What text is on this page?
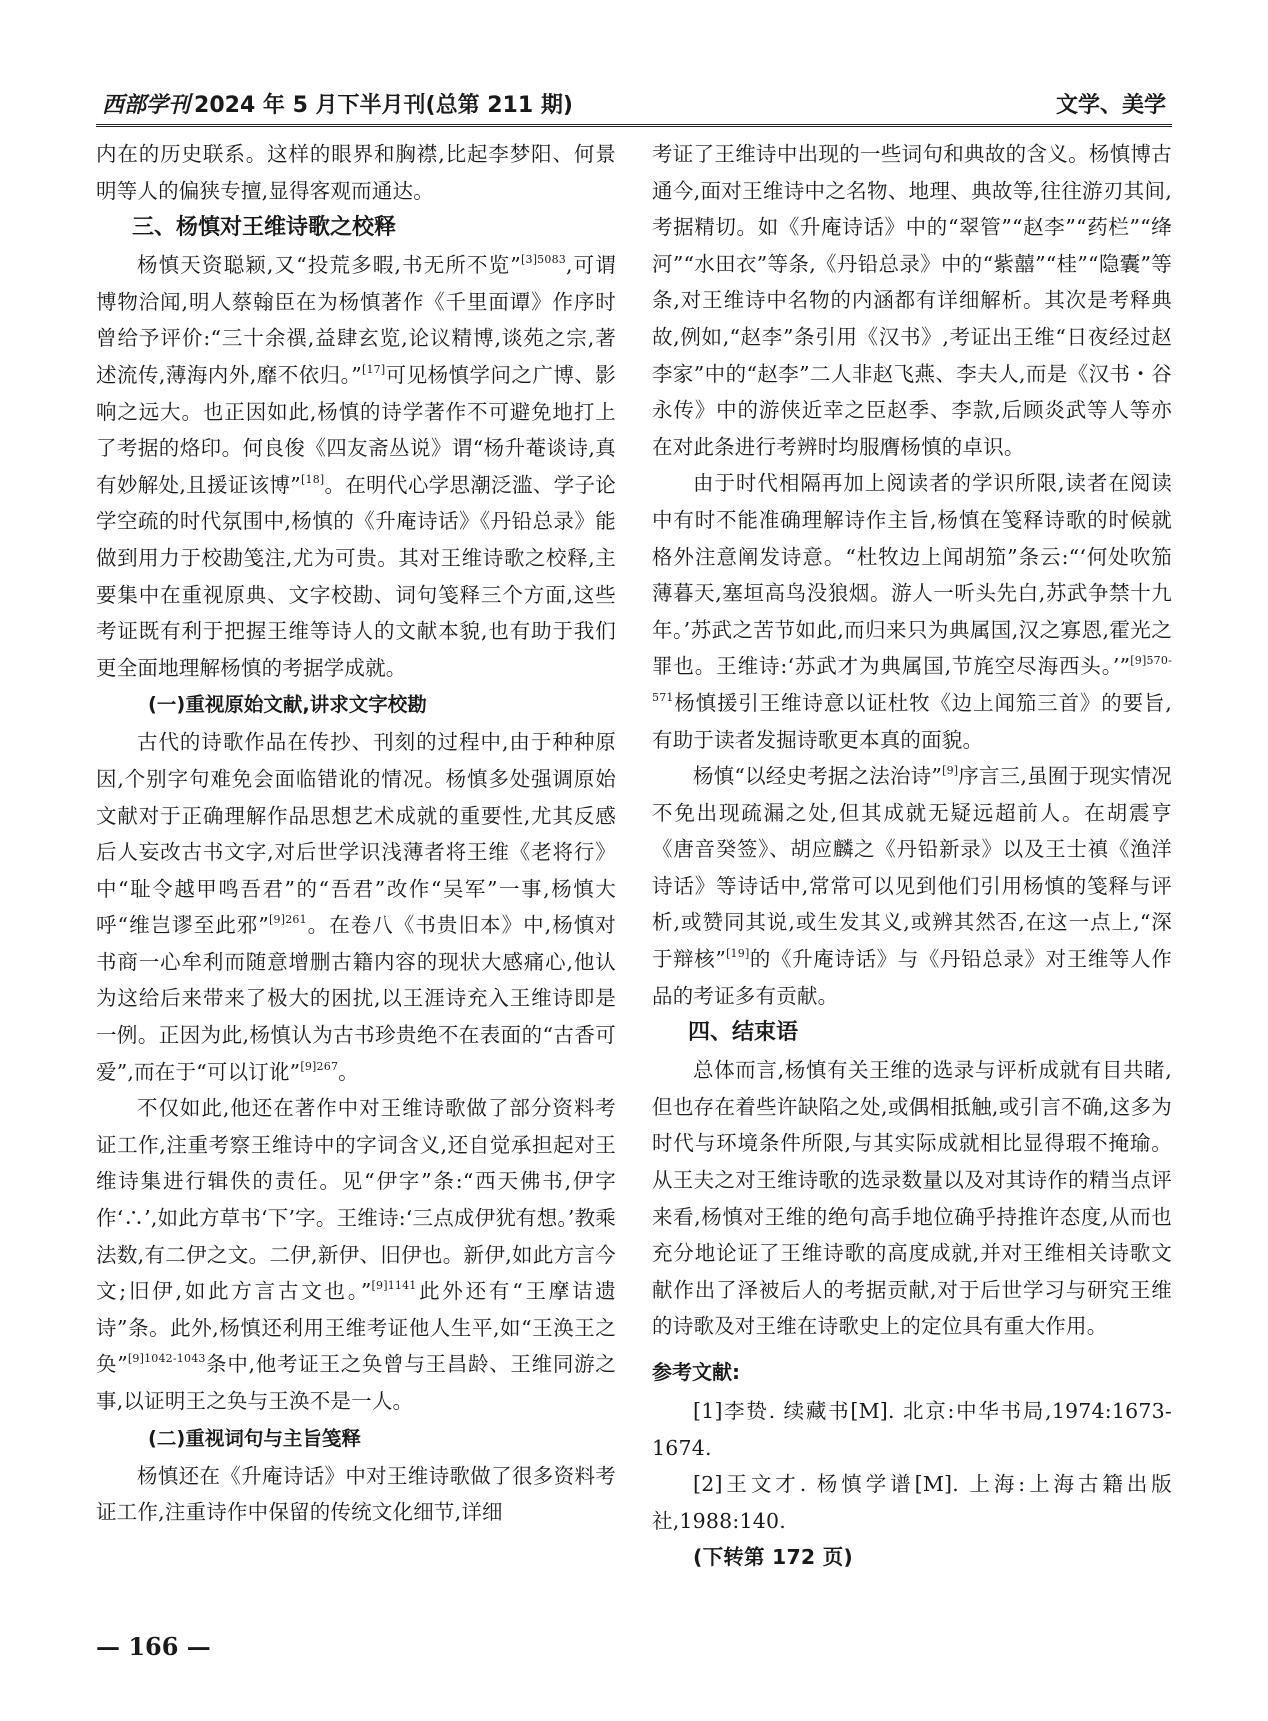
西部学刊 2024 年 5 月下半月刊(总第 211 期)	文学、美学

内在的历史联系。这样的眼界和胸襟,比起李梦阳、何景明等人的偏狭专擅,显得客观而通达。

三、杨慎对王维诗歌之校释

杨慎天资聪颖,又“投荒多暇,书无所不览”$^{[3]5083}$,可谓博物洽闻,明人蔡翰臣在为杨慎著作《千里面谭》作序时曾给予评价:“三十余禩,益肆玄览,论议精博,谈苑之宗,著述流传,薄海内外,靡不依归。”[17]可见杨慎学问之广博、影响之远大。也正因如此,杨慎的诗学著作不可避免地打上了考据的烙印。何良俊《四友斋丛说》谓“杨升菴谈诗,真有妙解处,且援证该博”[18]。在明代心学思潮泛滥、学子论学空疏的时代氛围中,杨慎的《升庵诗话》《丹铅总录》能做到用力于校勘笺注,尤为可贵。其对王维诗歌之校释,主要集中在重视原典、文字校勘、词句笺释三个方面,这些考证既有利于把握王维等诗人的文献本貌,也有助于我们更全面地理解杨慎的考据学成就。

(一)重视原始文献,讲求文字校勘

古代的诗歌作品在传抄、刊刻的过程中,由于种种原因,个别字句难免会面临错讹的情况。杨慎多处强调原始文献对于正确理解作品思想艺术成就的重要性,尤其反感后人妄改古书文字,对后世学识浅薄者将王维《老将行》中“耻令越甲鸣吾君”的“吾君”改作“吴军”一事,杨慎大呼“维岂谬至此邪”$^{[9]261}$。在卷八《书贵旧本》中,杨慎对书商一心牟利而随意增删古籍内容的现状大感痛心,他认为这给后来带来了极大的困扰,以王涯诗充入王维诗即是一例。正因为此,杨慎认为古书珍贵绝不在表面的“古香可爱”,而在于“可以订讹”$^{[9]267}$。

不仅如此,他还在著作中对王维诗歌做了部分资料考证工作,注重考察王维诗中的字词含义,还自觉承担起对王维诗集进行辑佚的责任。见“伊字”条:“西天佛书,伊字作‘∴’,如此方草书‘下’字。王维诗:‘三点成伊犹有想。’教乘法数,有二伊之文。二伊,新伊、旧伊也。新伊,如此方言今文;旧伊,如此方言古文也。”$^{[9]1141}$此外还有“王摩诘遗诗”条。此外,杨慎还利用王维考证他人生平,如“王涣王之奂”$^{[9]1042-1043}$条中,他考证王之奂曾与王昌龄、王维同游之事,以证明王之奂与王涣不是一人。

(二)重视词句与主旨笺释

杨慎还在《升庵诗话》中对王维诗歌做了很多资料考证工作,注重诗作中保留的传统文化细节,详细

考证了王维诗中出现的一些词句和典故的含义。杨慎博古通今,面对王维诗中之名物、地理、典故等,往往游刃其间,考据精切。如《升庵诗话》中的“翠管”“赵李”“药栏”“绛河”“水田衣”等条,《丹铅总录》中的“紫囍”“桂”“隐囊”等条,对王维诗中名物的内涵都有详细解析。其次是考释典故,例如,“赵李”条引用《汉书》,考证出王维“日夜经过赵李家”中的“赵李”二人非赵飞燕、李夫人,而是《汉书・谷永传》中的游侠近幸之臣赵季、李款,后顾炎武等人等亦在对此条进行考辨时均服膺杨慎的卓识。

由于时代相隔再加上阅读者的学识所限,读者在阅读中有时不能准确理解诗作主旨,杨慎在笺释诗歌的时候就格外注意阐发诗意。“杜牧边上闻胡笳”条云:“‘何处吹笳薄暮天,塞垣高鸟没狼烟。游人一听头先白,苏武争禁十九年。’苏武之苦节如此,而归来只为典属国,汉之寡恩,霍光之罪也。王维诗:‘苏武才为典属国,节旄空尽海西头。’”$^{[9]570-571}$杨慎援引王维诗意以证杜牧《边上闻笳三首》的要旨,有助于读者发掘诗歌更本真的面貌。

杨慎“以经史考据之法治诗”[9]序言三,虽囿于现实情况不免出现疏漏之处,但其成就无疑远超前人。在胡震亨《唐音癸签》、胡应麟之《丹铅新录》以及王士禛《渔洋诗话》等诗话中,常常可以见到他们引用杨慎的笺释与评析,或赞同其说,或生发其义,或辨其然否,在这一点上,“深于辩核”[19]的《升庵诗话》与《丹铅总录》对王维等人作品的考证多有贡献。

四、结束语

总体而言,杨慎有关王维的选录与评析成就有目共睹,但也存在着些许缺陷之处,或偶相抵触,或引言不确,这多为时代与环境条件所限,与其实际成就相比显得瑕不掩瑜。从王夫之对王维诗歌的选录数量以及对其诗作的精当点评来看,杨慎对王维的绝句高手地位确乎持推许态度,从而也充分地论证了王维诗歌的高度成就,并对王维相关诗歌文献作出了泽被后人的考据贡献,对于后世学习与研究王维的诗歌及对王维在诗歌史上的定位具有重大作用。

参考文献:

[1]李贽. 续藏书[M]. 北京:中华书局,1974:1673-1674.

[2]王文才. 杨慎学谱[M]. 上海:上海古籍出版社,1988:140.

(下转第 172 页)

— 166 —
